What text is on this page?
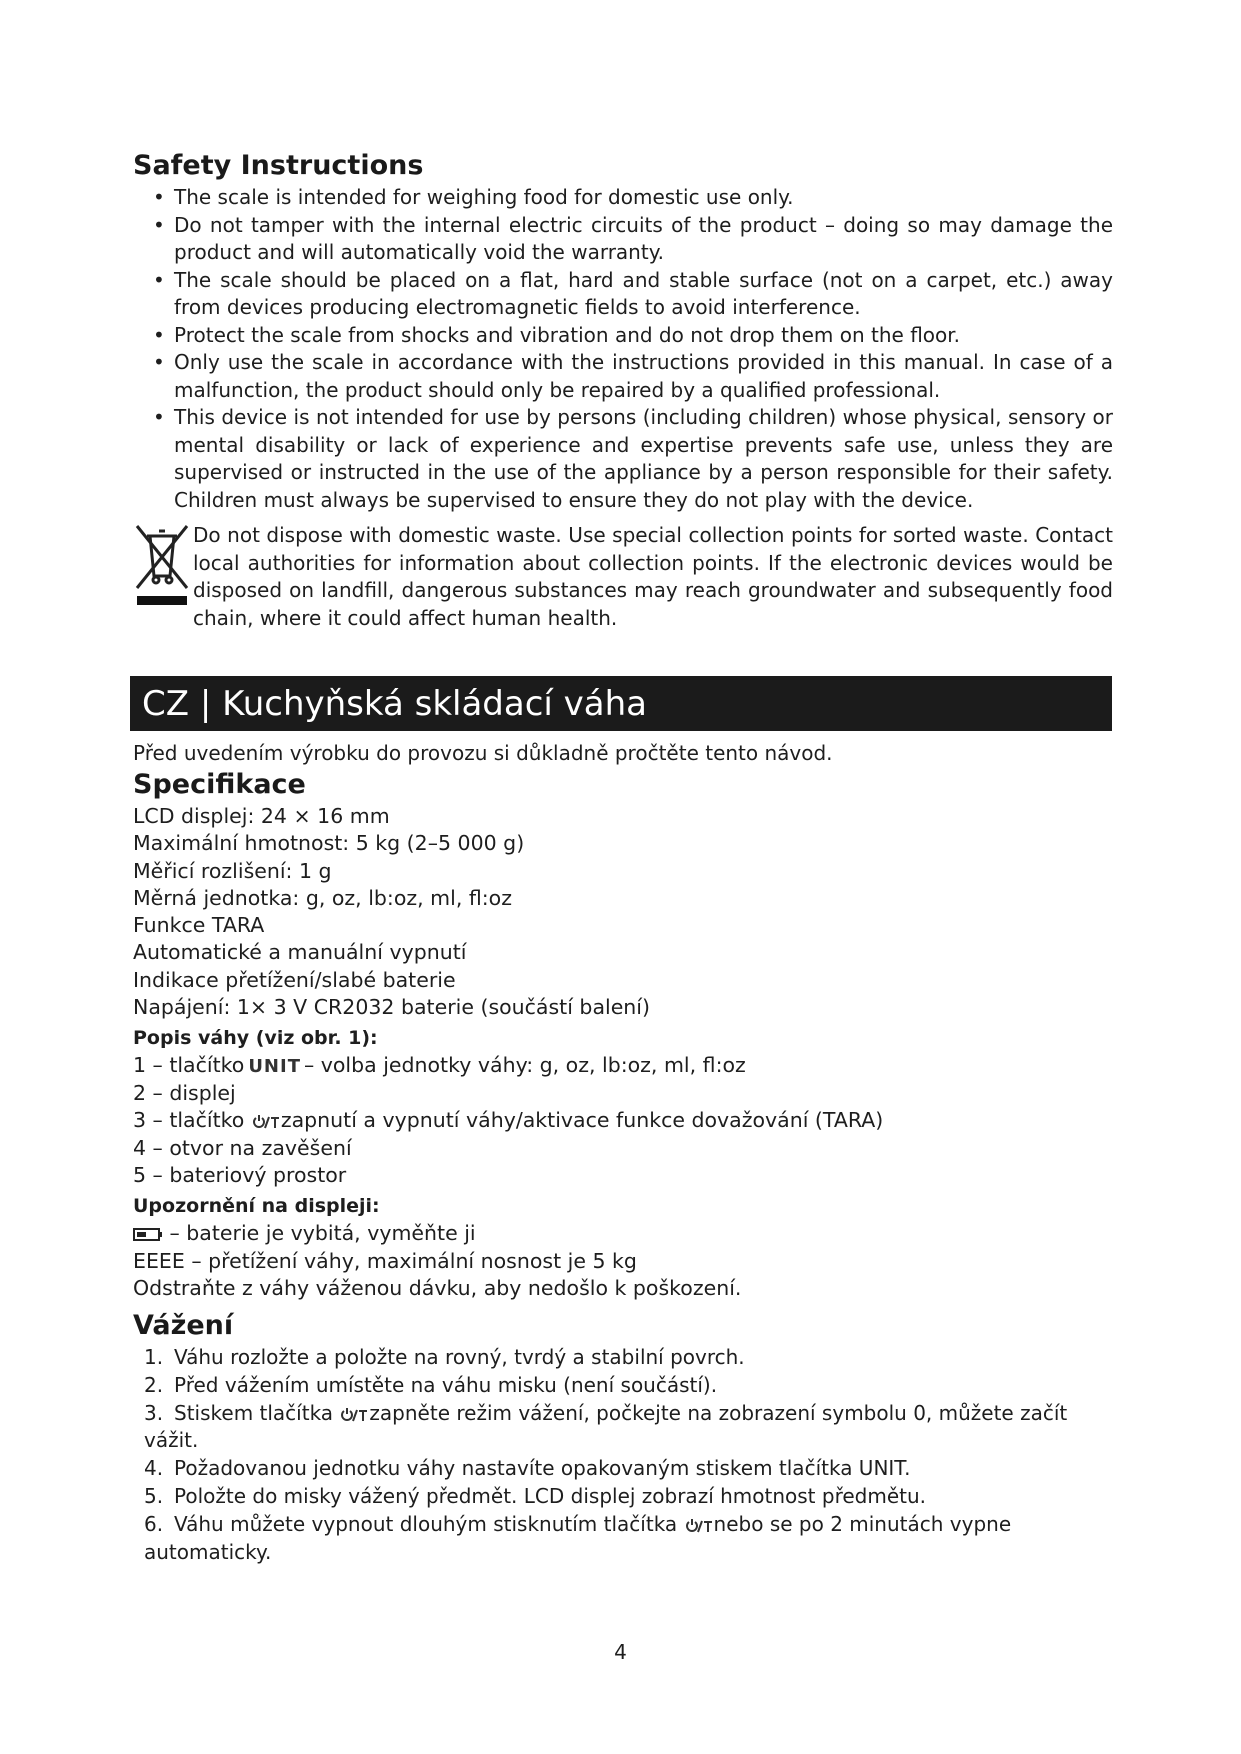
Safety Instructions
• The scale is intended for weighing food for domestic use only.
• Do not tamper with the internal electric circuits of the product – doing so may damage the product and will automatically void the warranty.
• The scale should be placed on a flat, hard and stable surface (not on a carpet, etc.) away from devices producing electromagnetic fields to avoid interference.
• Protect the scale from shocks and vibration and do not drop them on the floor.
• Only use the scale in accordance with the instructions provided in this manual. In case of a malfunction, the product should only be repaired by a qualified professional.
• This device is not intended for use by persons (including children) whose physical, sensory or mental disability or lack of experience and expertise prevents safe use, unless they are supervised or instructed in the use of the appliance by a person responsible for their safety. Children must always be supervised to ensure they do not play with the device.
Do not dispose with domestic waste. Use special collection points for sorted waste. Contact local authorities for information about collection points. If the electronic devices would be disposed on landfill, dangerous substances may reach groundwater and subsequently food chain, where it could affect human health.
CZ | Kuchyňská skládací váha
Před uvedením výrobku do provozu si důkladně pročtěte tento návod.
Specifikace
LCD displej: 24 × 16 mm
Maximální hmotnost: 5 kg (2–5 000 g)
Měřicí rozlišení: 1 g
Měrná jednotka: g, oz, lb:oz, ml, fl:oz
Funkce TARA
Automatické a manuální vypnutí
Indikace přetížení/slabé baterie
Napájení: 1× 3 V CR2032 baterie (součástí balení)
Popis váhy (viz obr. 1):
1 – tlačítko UNIT – volba jednotky váhy: g, oz, lb:oz, ml, fl:oz
2 – displej
3 – tlačítko zapnutí a vypnutí váhy/aktivace funkce dovažování (TARA)
4 – otvor na zavěšení
5 – bateriový prostor
Upozornění na displeji:
– baterie je vybitá, vyměňte ji
EEEE – přetížení váhy, maximální nosnost je 5 kg
Odstraňte z váhy váženou dávku, aby nedošlo k poškození.
Vážení
1. Váhu rozložte a položte na rovný, tvrdý a stabilní povrch.
2. Před vážením umístěte na váhu misku (není součástí).
3. Stiskem tlačítka zapněte režim vážení, počkejte na zobrazení symbolu 0, můžete začít vážit.
4. Požadovanou jednotku váhy nastavíte opakovaným stiskem tlačítka UNIT.
5. Položte do misky vážený předmět. LCD displej zobrazí hmotnost předmětu.
6. Váhu můžete vypnout dlouhým stisknutím tlačítka nebo se po 2 minutách vypne automaticky.
4
